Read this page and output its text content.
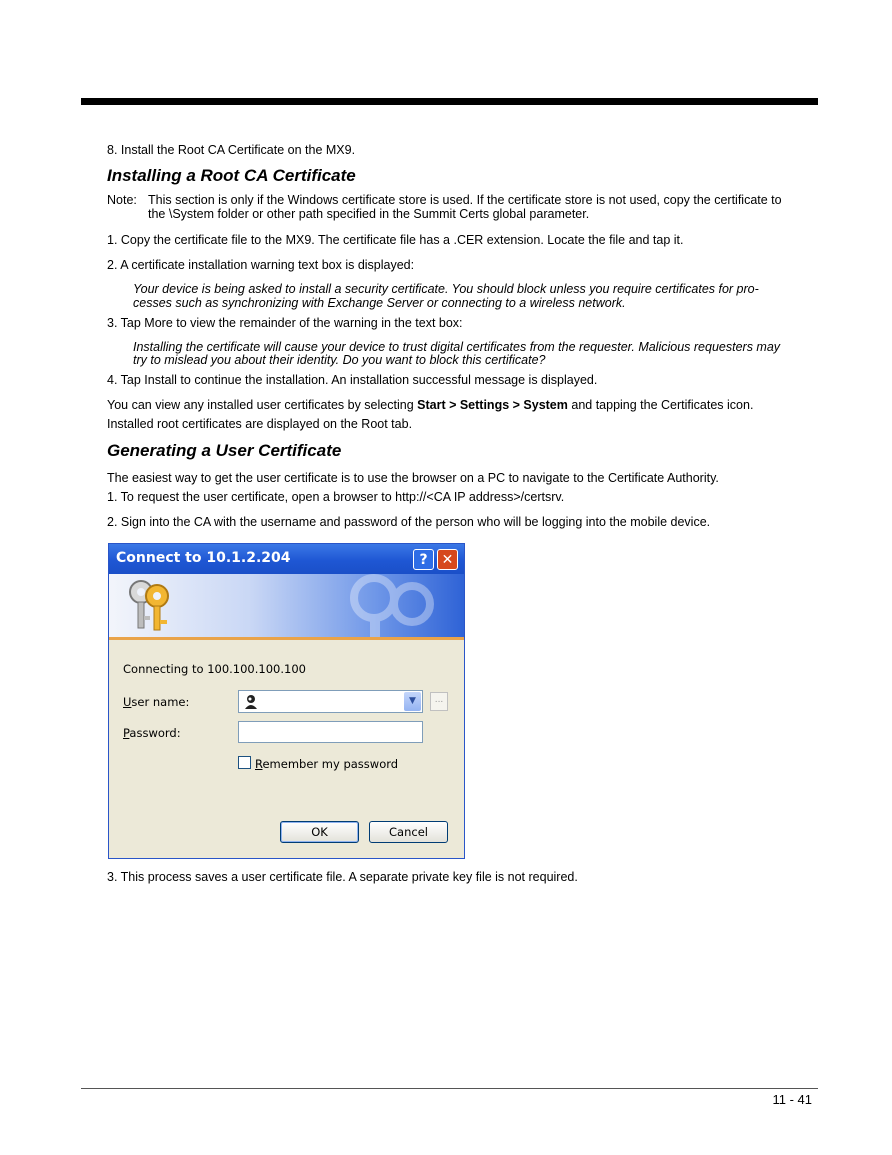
8. Install the Root CA Certificate on the MX9.
Installing a Root CA Certificate
Note: This section is only if the Windows certificate store is used. If the certificate store is not used, copy the certificate to
the \System folder or other path specified in the Summit Certs global parameter.
1. Copy the certificate file to the MX9. The certificate file has a .CER extension. Locate the file and tap it.
2. A certificate installation warning text box is displayed:
Your device is being asked to install a security certificate. You should block unless you require certificates for pro-
cesses such as synchronizing with Exchange Server or connecting to a wireless network.
3. Tap More to view the remainder of the warning in the text box:
Installing the certificate will cause your device to trust digital certificates from the requester. Malicious requesters may
try to mislead you about their identity. Do you want to block this certificate?
4. Tap Install to continue the installation. An installation successful message is displayed.
You can view any installed user certificates by selecting Start > Settings > System and tapping the Certificates icon.
Installed root certificates are displayed on the Root tab.
Generating a User Certificate
The easiest way to get the user certificate is to use the browser on a PC to navigate to the Certificate Authority.
1. To request the user certificate, open a browser to http://<CA IP address>/certsrv.
2. Sign into the CA with the username and password of the person who will be logging into the mobile device.
Connect to 10.1.2.204	?	✕
Connecting to 100.100.100.100
User name:	▼	...
Password:
Remember my password
OK	Cancel
3. This process saves a user certificate file. A separate private key file is not required.
11 - 41
